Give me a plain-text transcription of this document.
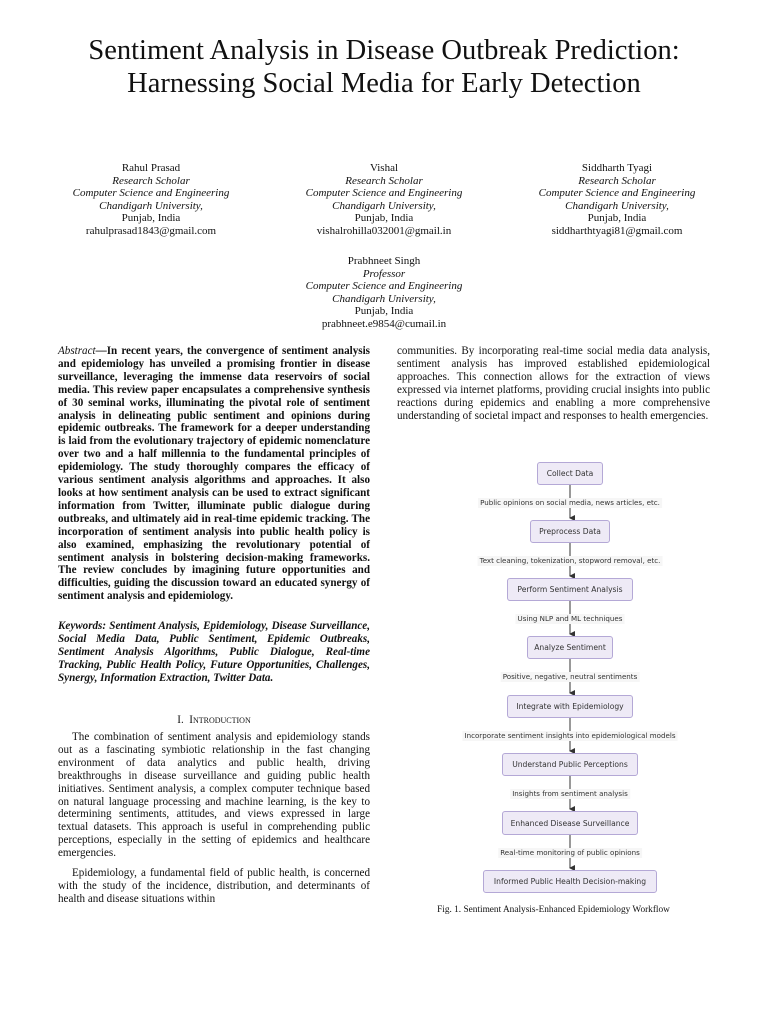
Sentiment Analysis in Disease Outbreak Prediction:
Harnessing Social Media for Early Detection
Rahul Prasad
Research Scholar
Computer Science and Engineering
Chandigarh University,
Punjab, India
rahulprasad1843@gmail.com
Vishal
Research Scholar
Computer Science and Engineering
Chandigarh University,
Punjab, India
vishalrohilla032001@gmail.in
Siddharth Tyagi
Research Scholar
Computer Science and Engineering
Chandigarh University,
Punjab, India
siddharthtyagi81@gmail.com
Prabhneet Singh
Professor
Computer Science and Engineering
Chandigarh University,
Punjab, India
prabhneet.e9854@cumail.in
Abstract—In recent years, the convergence of sentiment analysis and epidemiology has unveiled a promising frontier in disease surveillance, leveraging the immense data reservoirs of social media. This review paper encapsulates a comprehensive synthesis of 30 seminal works, illuminating the pivotal role of sentiment analysis in delineating public sentiment and opinions during epidemic outbreaks. The framework for a deeper understanding is laid from the evolutionary trajectory of epidemic nomenclature over two and a half millennia to the fundamental principles of epidemiology. The study thoroughly compares the efficacy of various sentiment analysis algorithms and approaches. It also looks at how sentiment analysis can be used to extract significant information from Twitter, illuminate public dialogue during outbreaks, and ultimately aid in real-time epidemic tracking. The incorporation of sentiment analysis into public health policy is also examined, emphasizing the revolutionary potential of sentiment analysis in bolstering decision-making frameworks. The review concludes by imagining future opportunities and difficulties, guiding the discussion toward an educated synergy of sentiment analysis and epidemiology.
Keywords: Sentiment Analysis, Epidemiology, Disease Surveillance, Social Media Data, Public Sentiment, Epidemic Outbreaks, Sentiment Analysis Algorithms, Public Dialogue, Real-time Tracking, Public Health Policy, Future Opportunities, Challenges, Synergy, Information Extraction, Twitter Data.
I. Introduction

The combination of sentiment analysis and epidemiology stands out as a fascinating symbiotic relationship in the fast changing environment of data analytics and public health, driving breakthroughs in disease surveillance and guiding public health initiatives. Sentiment analysis, a complex computer technique based on natural language processing and machine learning, is the key to determining sentiments, attitudes, and views expressed in large textual datasets. This approach is useful in comprehending public perceptions, especially in the setting of epidemics and healthcare emergencies.

Epidemiology, a fundamental field of public health, is concerned with the study of the incidence, distribution, and determinants of health and disease situations within

communities. By incorporating real-time social media data analysis, sentiment analysis has improved established epidemiological approaches. This connection allows for the extraction of views expressed via internet platforms, providing crucial insights into public reactions during epidemics and enabling a more comprehensive understanding of societal impact and responses to health emergencies.
Collect Data
Public opinions on social media, news articles, etc.
Preprocess Data
Text cleaning, tokenization, stopword removal, etc.
Perform Sentiment Analysis
Using NLP and ML techniques
Analyze Sentiment
Positive, negative, neutral sentiments
Integrate with Epidemiology
Incorporate sentiment insights into epidemiological models
Understand Public Perceptions
Insights from sentiment analysis
Enhanced Disease Surveillance
Real-time monitoring of public opinions
Informed Public Health Decision-making
Fig. 1. Sentiment Analysis-Enhanced Epidemiology Workflow
